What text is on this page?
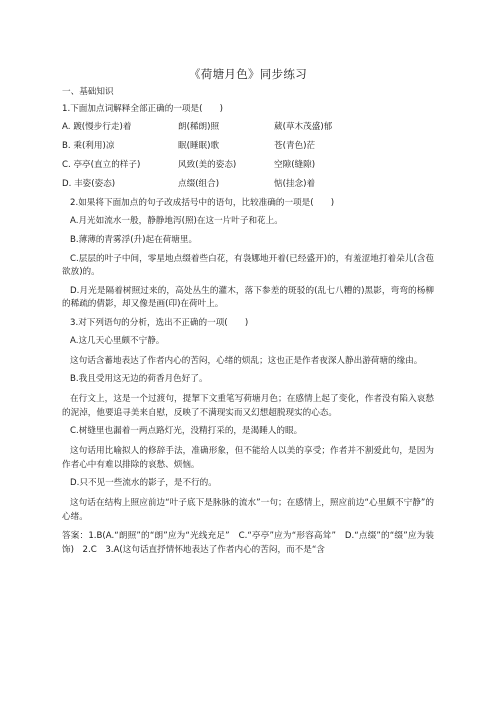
《荷塘月色》同步练习
一、基础知识
1.下面加点词解释全部正确的一项是(　　)
A. 踱(慢步行走)着	朗(稀朗)照	葳(草木茂盛)郁
B. 乘(利用)凉	眠(睡眠)歌	苍(青色)茫
C. 亭亭(直立的样子)	风致(美的姿态)	空隙(缝隙)
D. 丰姿(姿态)	点缀(组合)	惦(挂念)着
2.如果将下面加点的句子改成括号中的语句，比较准确的一项是(　　)
A.月光如流水一般，静静地泻(照)在这一片叶子和花上。
B.薄薄的青雾浮(升)起在荷塘里。
C.层层的叶子中间，零星地点缀着些白花，有袅娜地开着(已经盛开)的，有羞涩地打着朵儿(含苞欲放)的。
D.月光是隔着树照过来的，高处丛生的灌木，落下参差的斑驳的(乱七八糟的)黑影，弯弯的杨柳的稀疏的倩影，却又像是画(印)在荷叶上。
3.对下列语句的分析，选出不正确的一项(　　)
A.这几天心里颇不宁静。
这句话含蓄地表达了作者内心的苦闷，心绪的烦乱；这也正是作者夜深人静出游荷塘的缘由。
B.我且受用这无边的荷香月色好了。
在行文上，这是一个过渡句，提挈下文重笔写荷塘月色；在感情上起了变化，作者没有陷入哀愁的泥淖，他要追寻美来自慰，反映了不满现实而又幻想超脱现实的心态。
C.树缝里也漏着一两点路灯光，没精打采的，是渴睡人的眼。
这句话用比喻拟人的修辞手法，准确形象，但不能给人以美的享受；作者并不割爱此句，是因为作者心中有难以排除的哀愁、烦恼。
D.只不见一些流水的影子，是不行的。
这句话在结构上照应前边“叶子底下是脉脉的流水”一句；在感情上，照应前边“心里颇不宁静”的心绪。
答案：1.B(A.“朗照”的“朗”应为“光线充足”　C.“亭亭”应为“形容高耸”　D.“点缀”的“缀”应为装饰)　2.C　3.A(这句话直抒情怀地表达了作者内心的苦闷，而不是“含
